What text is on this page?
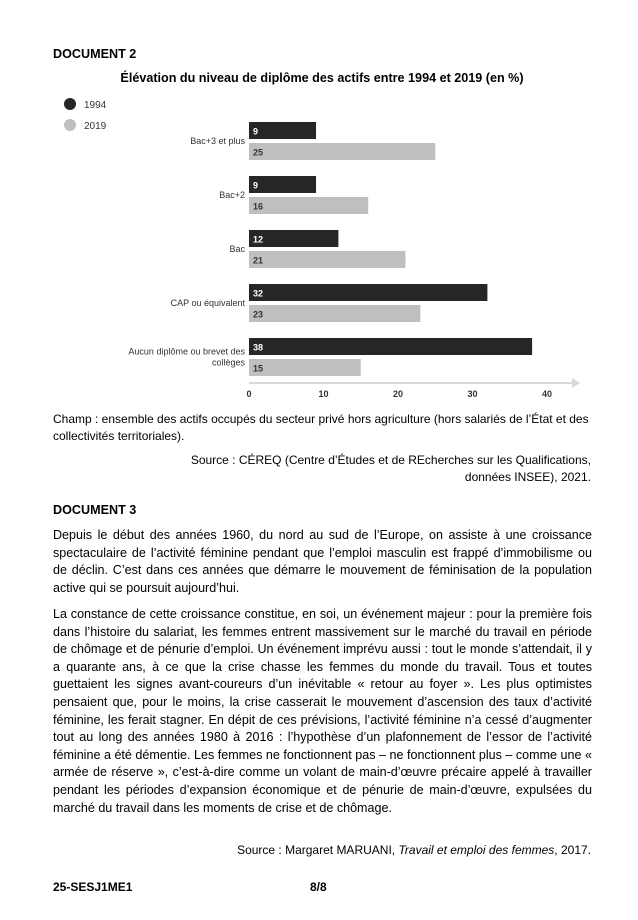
DOCUMENT 2
Élévation du niveau de diplôme des actifs entre 1994 et 2019 (en %)
1994
2019
0	10	20	30	40
9
25
Bac+3 et plus
9
16
Bac+2
12
21
Bac
32
23
CAP ou équivalent
38
15
Aucun diplôme ou brevet des
collèges
Champ : ensemble des actifs occupés du secteur privé hors agriculture (hors salariés de l’État et des collectivités territoriales).
Source : CÉREQ (Centre d’Études et de REcherches sur les Qualifications,
données INSEE), 2021.
DOCUMENT 3

Depuis le début des années 1960, du nord au sud de l’Europe, on assiste à une croissance spectaculaire de l’activité féminine pendant que l’emploi masculin est frappé d’immobilisme ou de déclin. C’est dans ces années que démarre le mouvement de féminisation de la population active qui se poursuit aujourd’hui.

La constance de cette croissance constitue, en soi, un événement majeur : pour la première fois dans l’histoire du salariat, les femmes entrent massivement sur le marché du travail en période de chômage et de pénurie d’emploi. Un événement imprévu aussi : tout le monde s’attendait, il y a quarante ans, à ce que la crise chasse les femmes du monde du travail. Tous et toutes guettaient les signes avant-coureurs d’un inévitable « retour au foyer ». Les plus optimistes pensaient que, pour le moins, la crise casserait le mouvement d’ascension des taux d’activité féminine, les ferait stagner. En dépit de ces prévisions, l’activité féminine n’a cessé d’augmenter tout au long des années 1980 à 2016 : l’hypothèse d’un plafonnement de l’essor de l’activité féminine a été démentie. Les femmes ne fonctionnent pas – ne fonctionnent plus – comme une « armée de réserve », c’est-à-dire comme un volant de main-d’œuvre précaire appelé à travailler pendant les périodes d’expansion économique et de pénurie de main-d’œuvre, expulsées du marché du travail dans les moments de crise et de chômage.

Source : Margaret MARUANI, Travail et emploi des femmes, 2017.
25-SESJ1ME1	8/8
